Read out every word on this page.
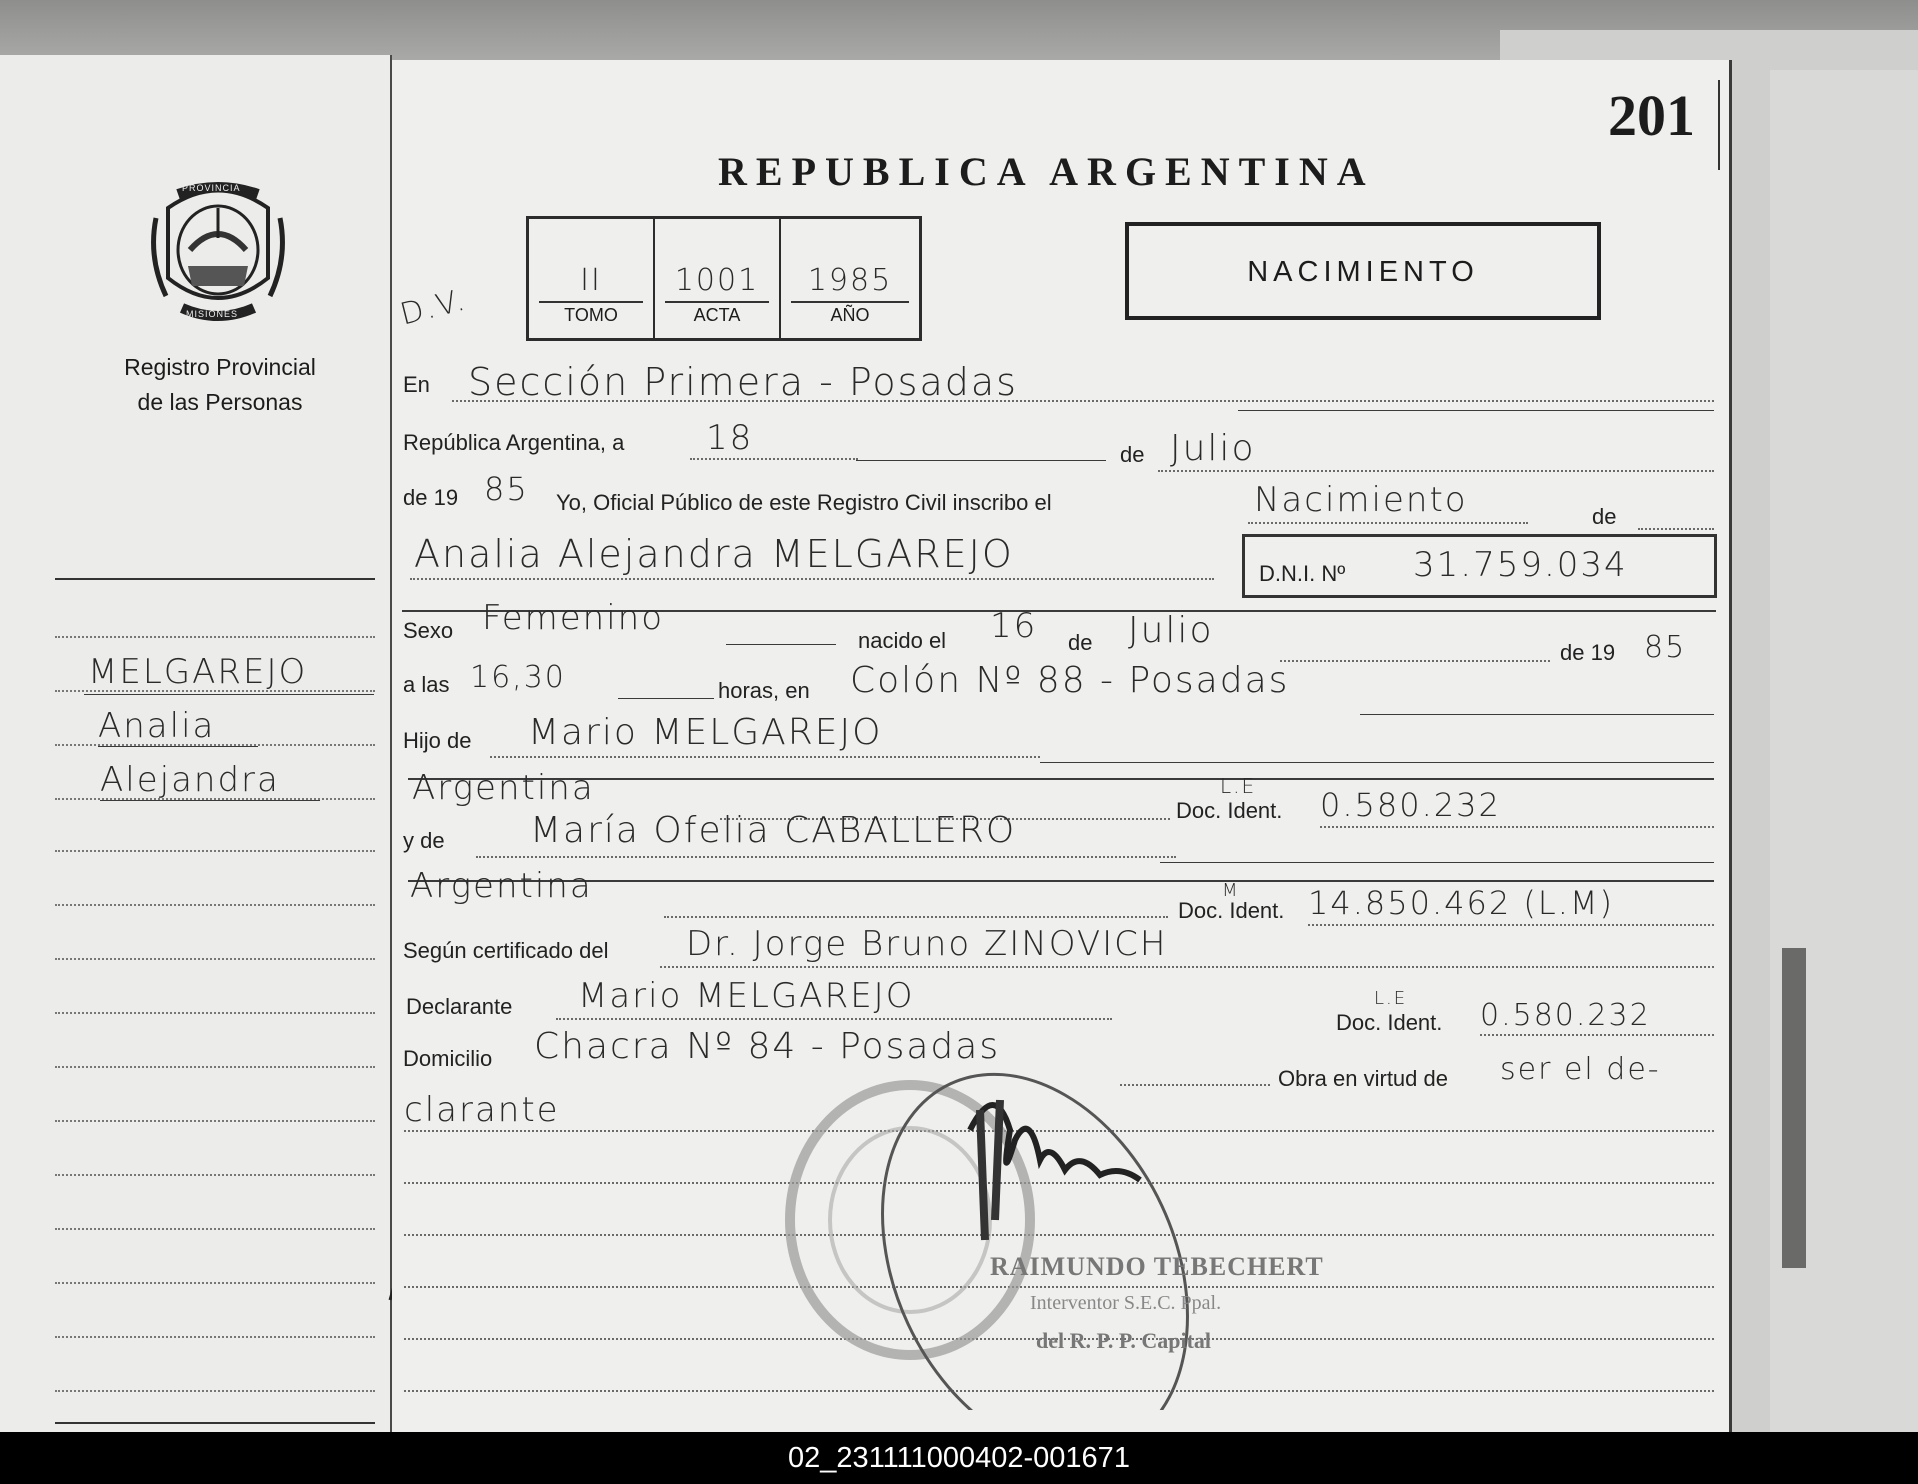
PROVINCIA
MISIONES
Registro Provincial
de las Personas
MELGAREJO
Analia
Alejandra
201
REPUBLICA ARGENTINA
II
TOMO
1001
ACTA
1985
AÑO
D.V.
NACIMIENTO
En Sección Primera - Posadas
República Argentina, a 18	de Julio
de 19 85 Yo, Oficial Público de este Registro Civil inscribo el	Nacimiento	de
Analia Alejandra MELGAREJO	D.N.I. Nº 31.759.034
Sexo Femenino
nacido el 16 de Julio
de 19 85
a las 16,30	horas, en Colón Nº 88 - Posadas
Hijo de Mario MELGAREJO
Argentina
Doc. Ident.
L.E 0.580.232
y de María Ofelia CABALLERO
Argentina
Doc. Ident.
M 14.850.462 (L.M)
Según certificado del Dr. Jorge Bruno ZINOVICH
Declarante Mario MELGAREJO
Doc. Ident.
L.E 0.580.232
Domicilio Chacra Nº 84 - Posadas
Obra en virtud de ser el de-
clarante
RAIMUNDO TEBECHERT
Interventor S.E.C. Ppal.
del R. P. P. Capital
02_231111000402-001671
